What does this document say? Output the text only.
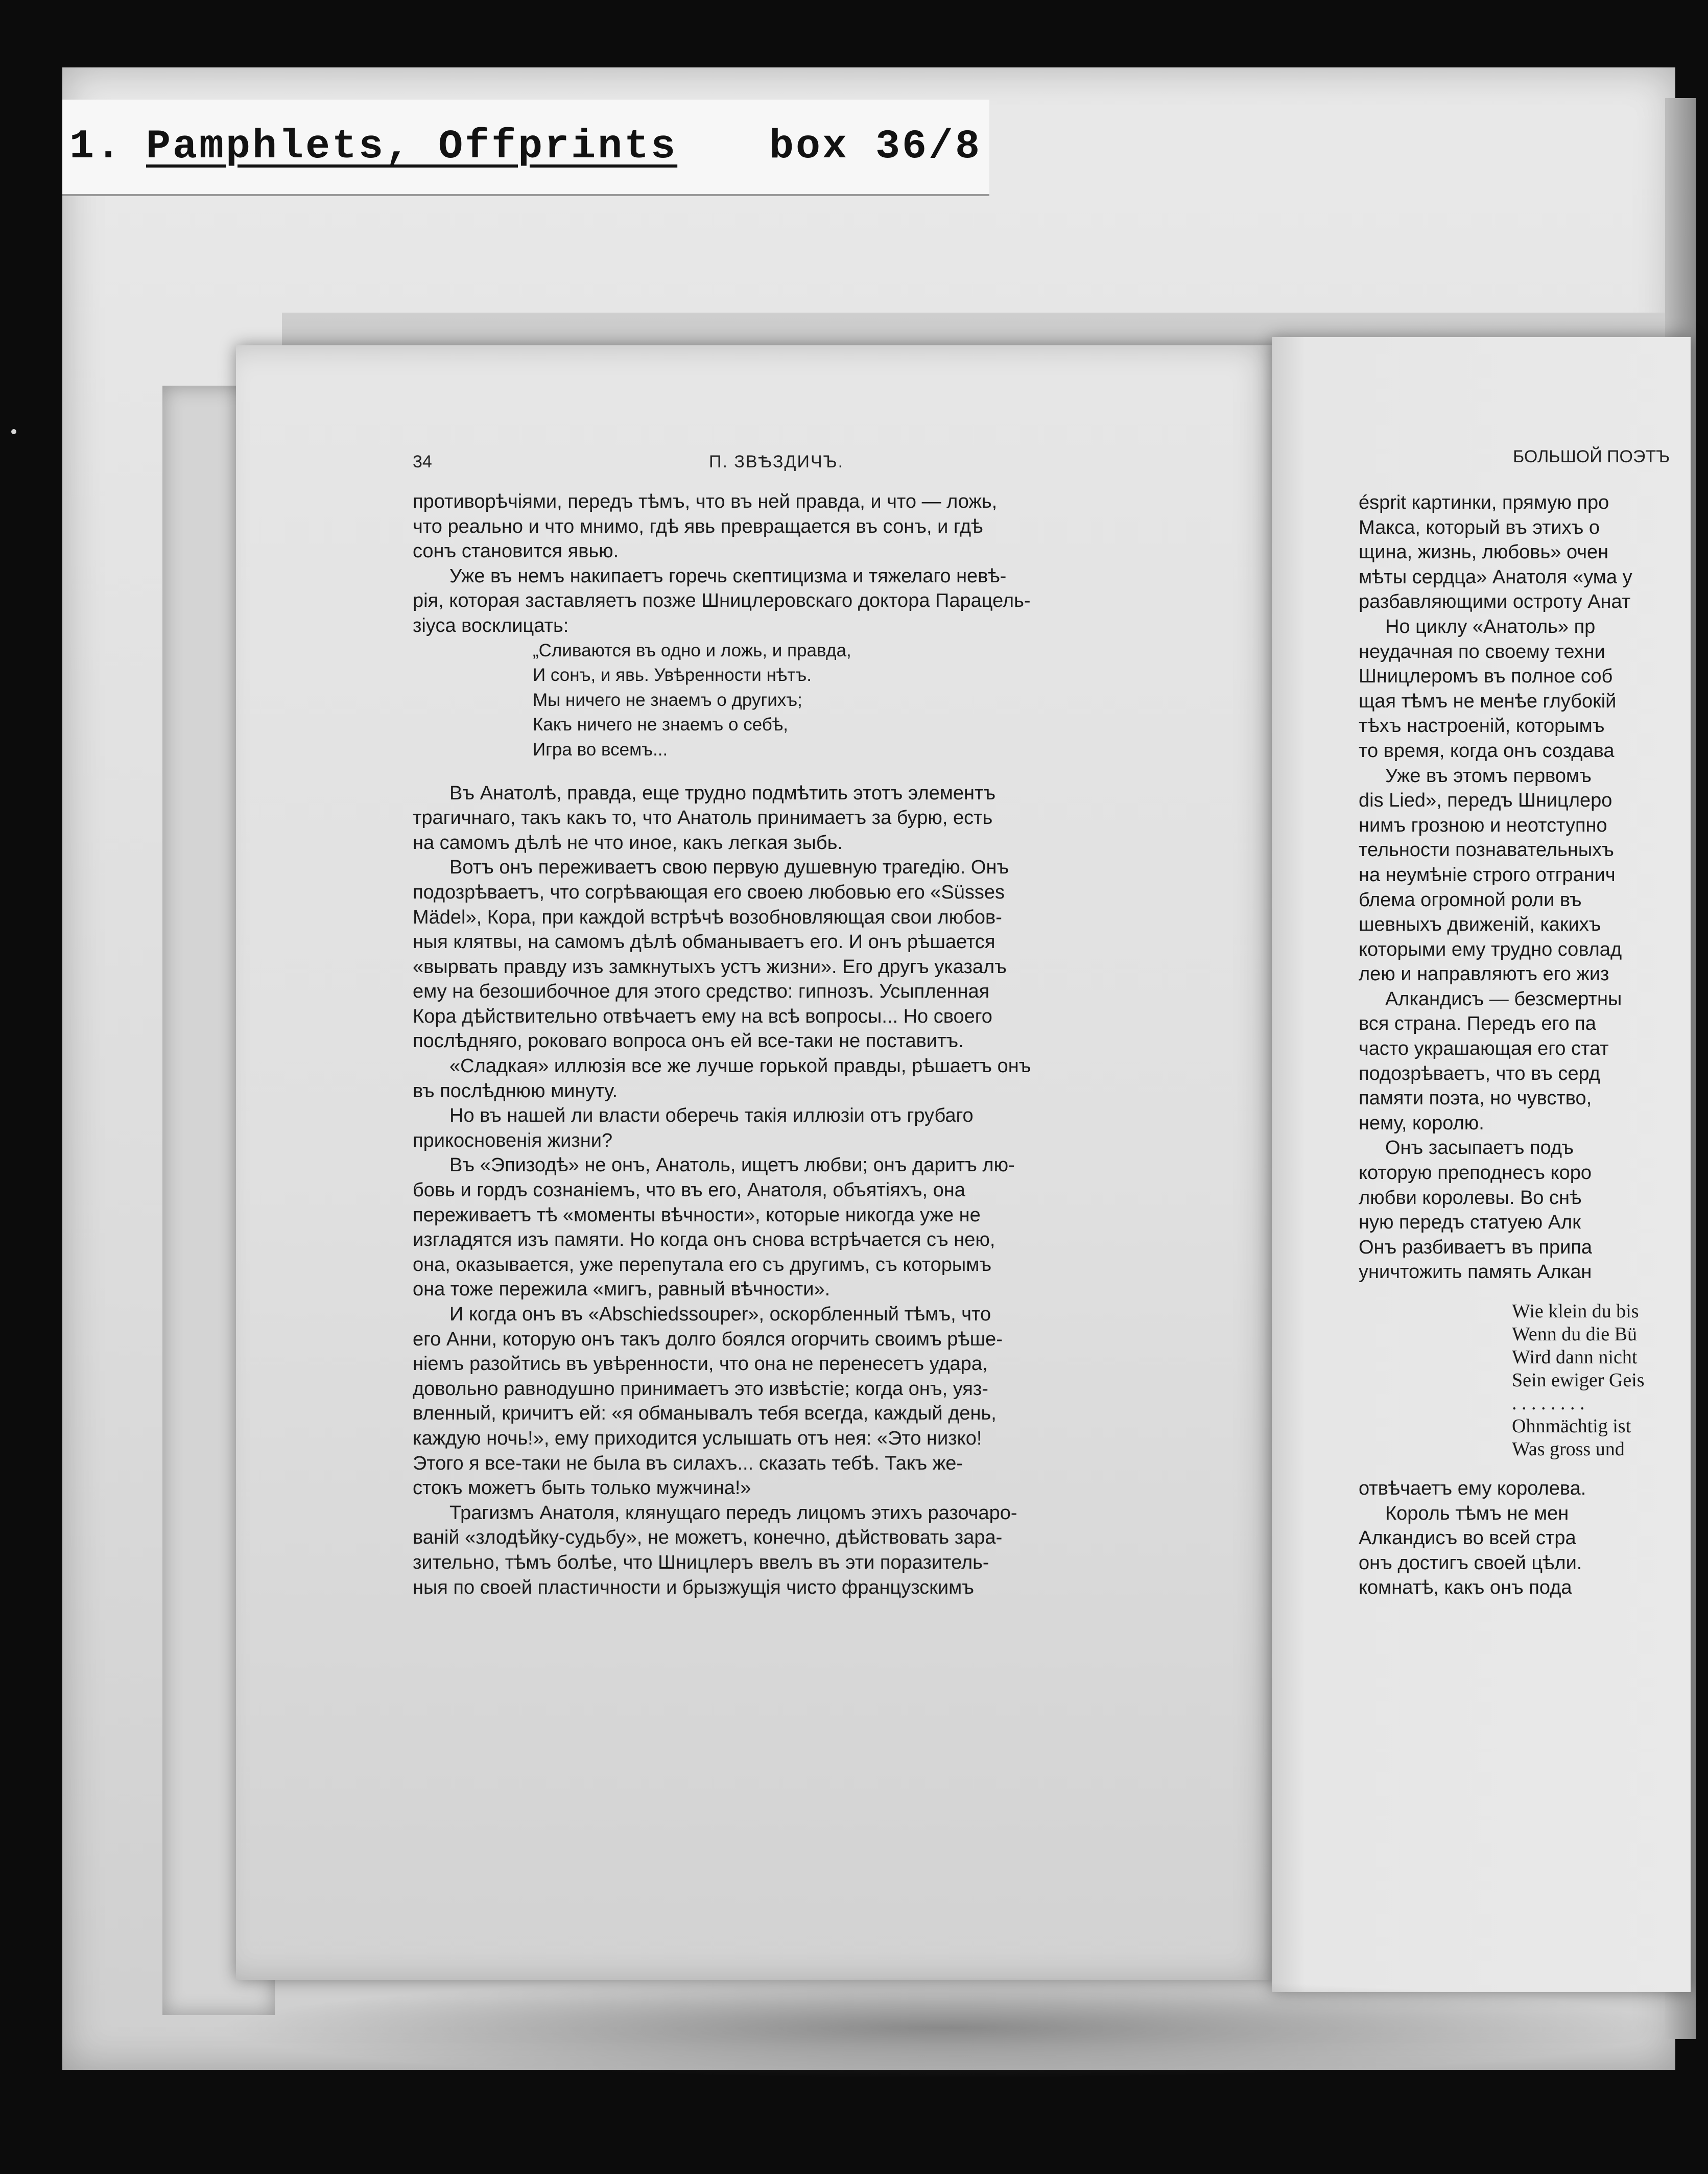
1. Pamphlets, Offprints	box 36/8
34	П. ЗВѢЗДИЧЪ.
противорѣчіями, передъ тѣмъ, что въ ней правда, и что — ложь,
что реально и что мнимо, гдѣ явь превращается въ сонъ, и гдѣ
сонъ становится явью.
Уже въ немъ накипаетъ горечь скептицизма и тяжелаго невѣ-
рія, которая заставляетъ позже Шницлеровскаго доктора Парацель-
зіуса восклицать:
„Сливаются въ одно и ложь, и правда,
И сонъ, и явь. Увѣренности нѣтъ.
Мы ничего не знаемъ о другихъ;
Какъ ничего не знаемъ о себѣ,
Игра во всемъ...
Въ Анатолѣ, правда, еще трудно подмѣтить этотъ элементъ
трагичнаго, такъ какъ то, что Анатоль принимаетъ за бурю, есть
на самомъ дѣлѣ не что иное, какъ легкая зыбь.
Вотъ онъ переживаетъ свою первую душевную трагедію. Онъ
подозрѣваетъ, что согрѣвающая его своею любовью его «Süsses
Mädel», Кора, при каждой встрѣчѣ возобновляющая свои любов-
ныя клятвы, на самомъ дѣлѣ обманываетъ его. И онъ рѣшается
«вырвать правду изъ замкнутыхъ устъ жизни». Его другъ указалъ
ему на безошибочное для этого средство: гипнозъ. Усыпленная
Кора дѣйствительно отвѣчаетъ ему на всѣ вопросы... Но своего
послѣдняго, роковаго вопроса онъ ей все-таки не поставитъ.
«Сладкая» иллюзія все же лучше горькой правды, рѣшаетъ онъ
въ послѣднюю минуту.
Но въ нашей ли власти оберечь такія иллюзіи отъ грубаго
прикосновенія жизни?
Въ «Эпизодѣ» не онъ, Анатоль, ищетъ любви; онъ даритъ лю-
бовь и гордъ сознаніемъ, что въ его, Анатоля, объятіяхъ, она
переживаетъ тѣ «моменты вѣчности», которые никогда уже не
изгладятся изъ памяти. Но когда онъ снова встрѣчается съ нею,
она, оказывается, уже перепутала его съ другимъ, съ которымъ
она тоже пережила «мигъ, равный вѣчности».
И когда онъ въ «Abschiedssouper», оскорбленный тѣмъ, что
его Анни, которую онъ такъ долго боялся огорчить своимъ рѣше-
ніемъ разойтись въ увѣренности, что она не перенесетъ удара,
довольно равнодушно принимаетъ это извѣстіе; когда онъ, уяз-
вленный, кричитъ ей: «я обманывалъ тебя всегда, каждый день,
каждую ночь!», ему приходится услышать отъ нея: «Это низко!
Этого я все-таки не была въ силахъ... сказать тебѣ. Такъ же-
стокъ можетъ быть только мужчина!»
Трагизмъ Анатоля, клянущаго передъ лицомъ этихъ разочаро-
ваній «злодѣйку-судьбу», не можетъ, конечно, дѣйствовать зара-
зительно, тѣмъ болѣе, что Шницлеръ ввелъ въ эти поразитель-
ныя по своей пластичности и брызжущія чисто французскимъ
БОЛЬШОЙ ПОЭТЪ
ésprit картинки, прямую про
Макса, который въ этихъ о
щина, жизнь, любовь» очен
мѣты сердца» Анатоля «ума у
разбавляющими остроту Анат
Но циклу «Анатоль» пр
неудачная по своему техни
Шницлеромъ въ полное соб
щая тѣмъ не менѣе глубокій
тѣхъ настроеній, которымъ
то время, когда онъ создава
Уже въ этомъ первомъ
dis Lied», передъ Шницлеро
нимъ грозною и неотступно
тельности познавательныхъ
на неумѣніе строго отгранич
блема огромной роли въ
шевныхъ движеній, какихъ
которыми ему трудно совлад
лею и направляютъ его жиз
Алкандисъ — безсмертны
вся страна. Передъ его па
часто украшающая его стат
подозрѣваетъ, что въ серд
памяти поэта, но чувство,
нему, королю.
Онъ засыпаетъ подъ
которую преподнесъ коро
любви королевы. Во снѣ
ную передъ статуею Алк
Онъ разбиваетъ въ припа
уничтожить память Алкан
Wie klein du bis
Wenn du die Bü
Wird dann nicht
Sein ewiger Geis
. . . . . . . .
Ohnmächtig ist
Was gross und
отвѣчаетъ ему королева.
Король тѣмъ не мен
Алкандисъ во всей стра
онъ достигъ своей цѣли.
комнатѣ, какъ онъ пода
